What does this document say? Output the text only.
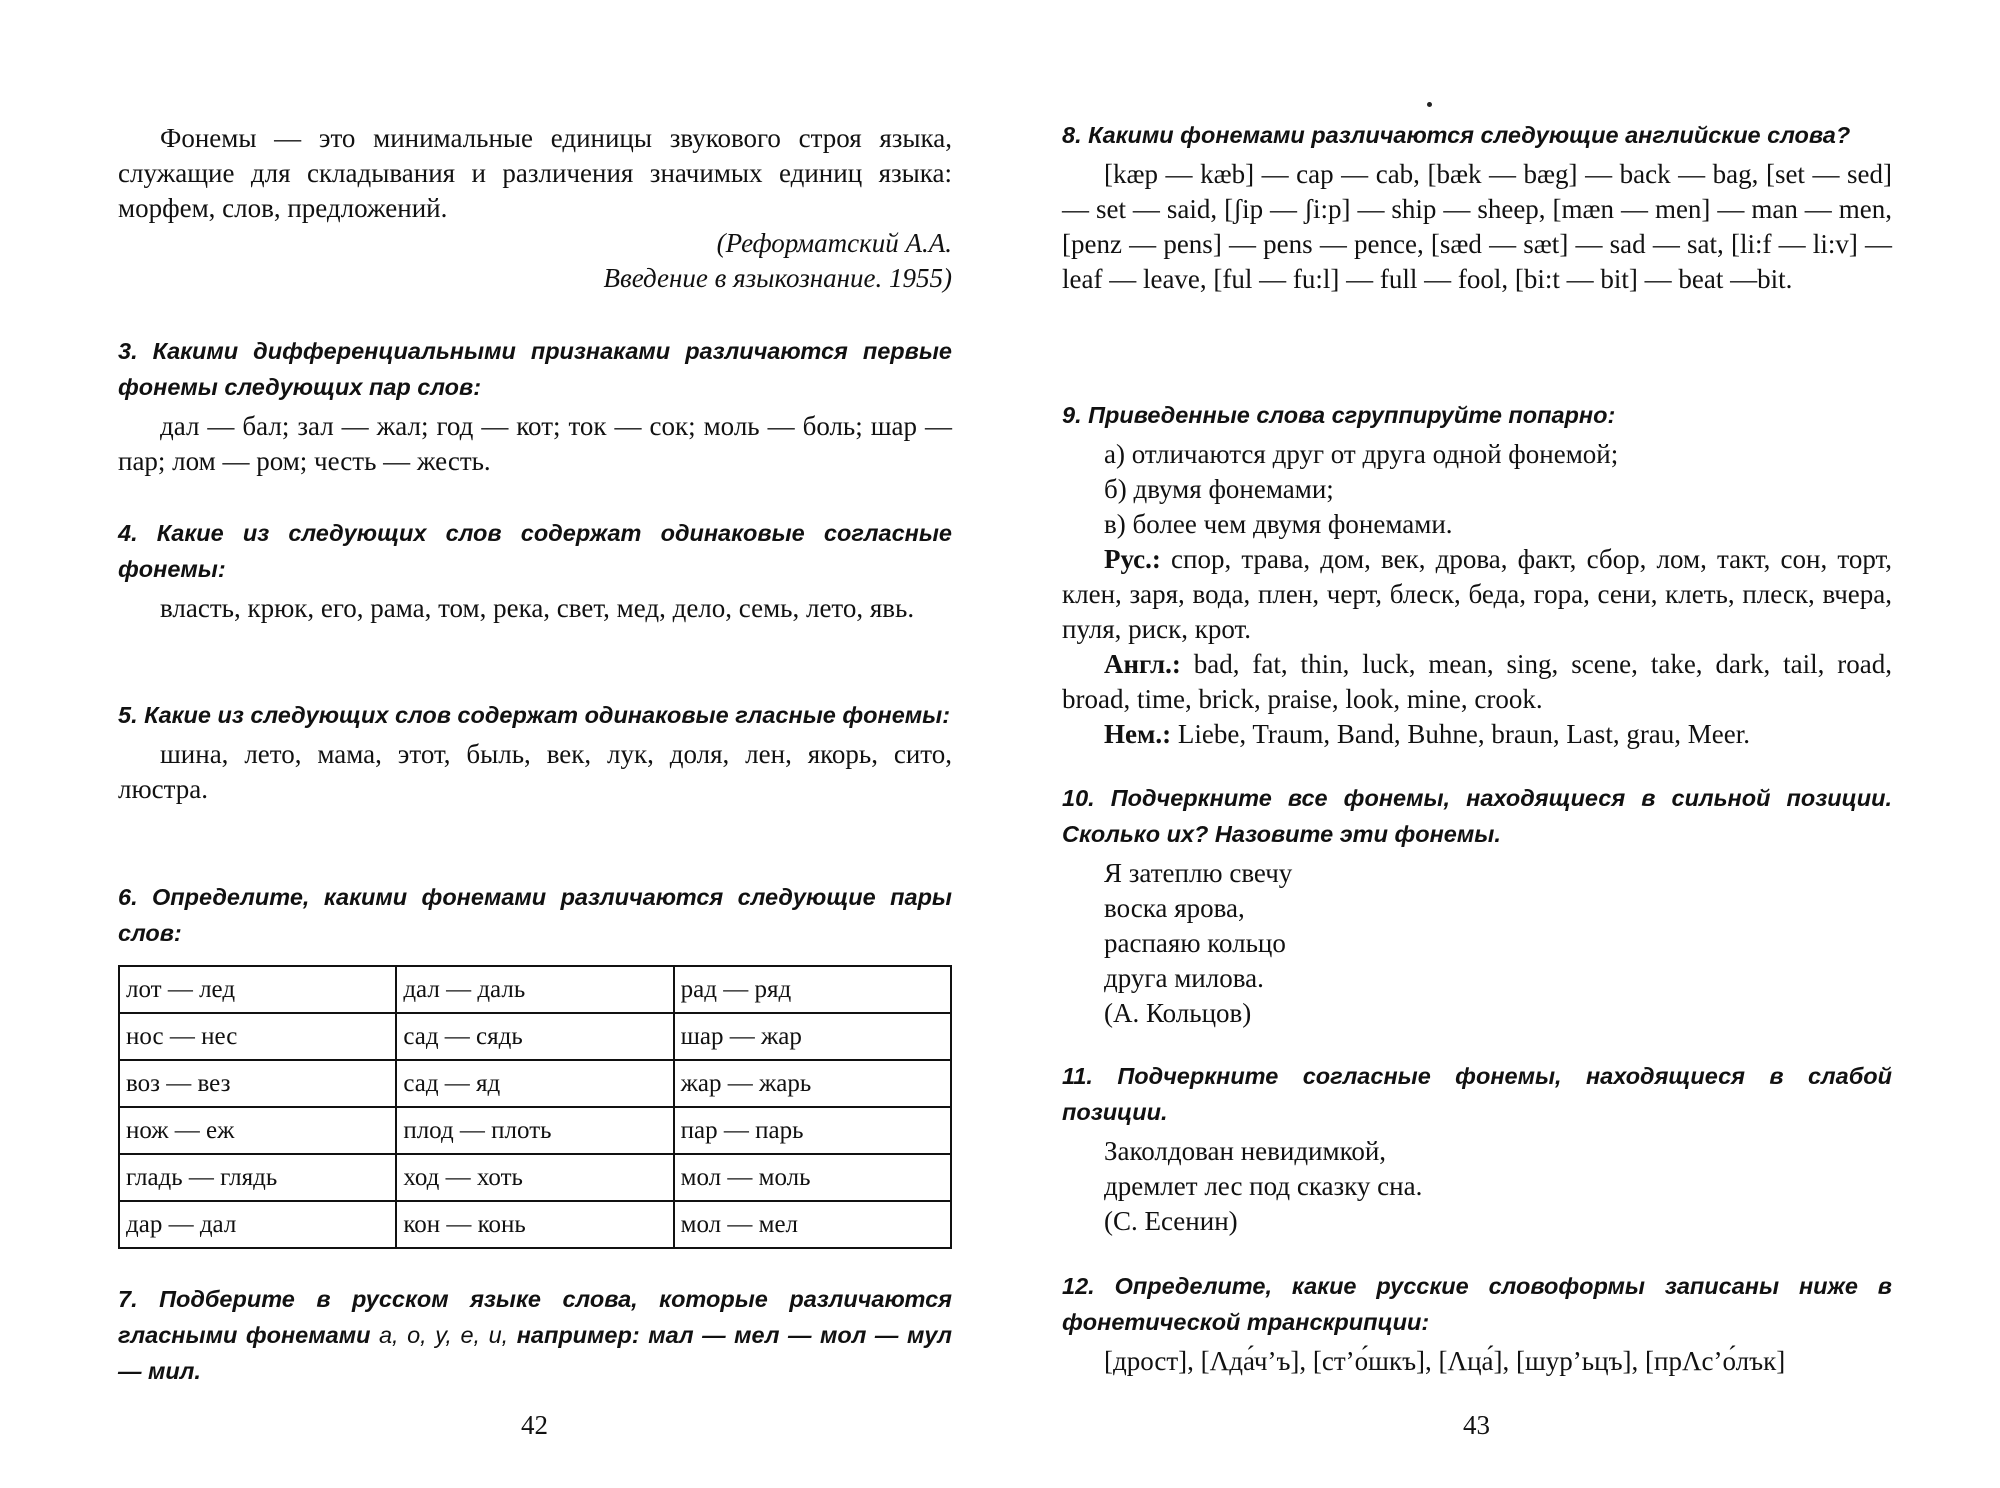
Фонемы — это минимальные единицы звукового строя языка, служащие для складывания и различения значимых единиц языка: морфем, слов, предложений.

(Реформатский А.А.

Введение в языкознание. 1955)

3. Какими дифференциальными признаками различаются первые фонемы следующих пар слов:

дал — бал; зал — жал; год — кот; ток — сок; моль — боль; шар — пар; лом — ром; честь — жесть.

4. Какие из следующих слов содержат одинаковые согласные фонемы:

власть, крюк, его, рама, том, река, свет, мед, дело, семь, лето, явь.

5. Какие из следующих слов содержат одинаковые гласные фонемы:

шина, лето, мама, этот, быль, век, лук, доля, лен, якорь, сито, люстра.

6. Определите, какими фонемами различаются следующие пары слов:

лот — лед	дал — даль	рад — ряд
нос — нес	сад — сядь	шар — жар
воз — вез	сад — яд	жар — жарь
нож — еж	плод — плоть	пар — парь
гладь — глядь	ход — хоть	мол — моль
дар — дал	кон — конь	мол — мел

7. Подберите в русском языке слова, которые различаются гласными фонемами а, о, у, е, и, например: мал — мел — мол — мул — мил.

42

8. Какими фонемами различаются следующие английские слова?

[kæp — kæb] — cap — cab, [bæk — bæg] — back — bag, [set — sed] — set — said, [ʃip — ʃi:p] — ship — sheep, [mæn — men] — man — men, [penz — pens] — pens — pence, [sæd — sæt] — sad — sat, [li:f — li:v] — leaf — leave, [ful — fu:l] — full — fool, [bi:t — bit] — beat —bit.

9. Приведенные слова сгруппируйте попарно:

а) отличаются друг от друга одной фонемой;

б) двумя фонемами;

в) более чем двумя фонемами.

Рус.: спор, трава, дом, век, дрова, факт, сбор, лом, такт, сон, торт, клен, заря, вода, плен, черт, блеск, беда, гора, сени, клеть, плеск, вчера, пуля, риск, крот.

Англ.: bad, fat, thin, luck, mean, sing, scene, take, dark, tail, road, broad, time, brick, praise, look, mine, crook.

Нем.: Liebe, Traum, Band, Buhne, braun, Last, grau, Meer.

10. Подчеркните все фонемы, находящиеся в сильной позиции. Сколько их? Назовите эти фонемы.

Я затеплю свечу

воска ярова,

распаяю кольцо

друга милова.

(А. Кольцов)

11. Подчеркните согласные фонемы, находящиеся в слабой позиции.

Заколдован невидимкой,

дремлет лес под сказку сна.

(С. Есенин)

12. Определите, какие русские словоформы записаны ниже в фонетической транскрипции:

[дрост], [Λда́ч’ъ], [ст’о́шкъ], [Λца́], [шур’ьцъ], [прΛс’о́лък]

43
